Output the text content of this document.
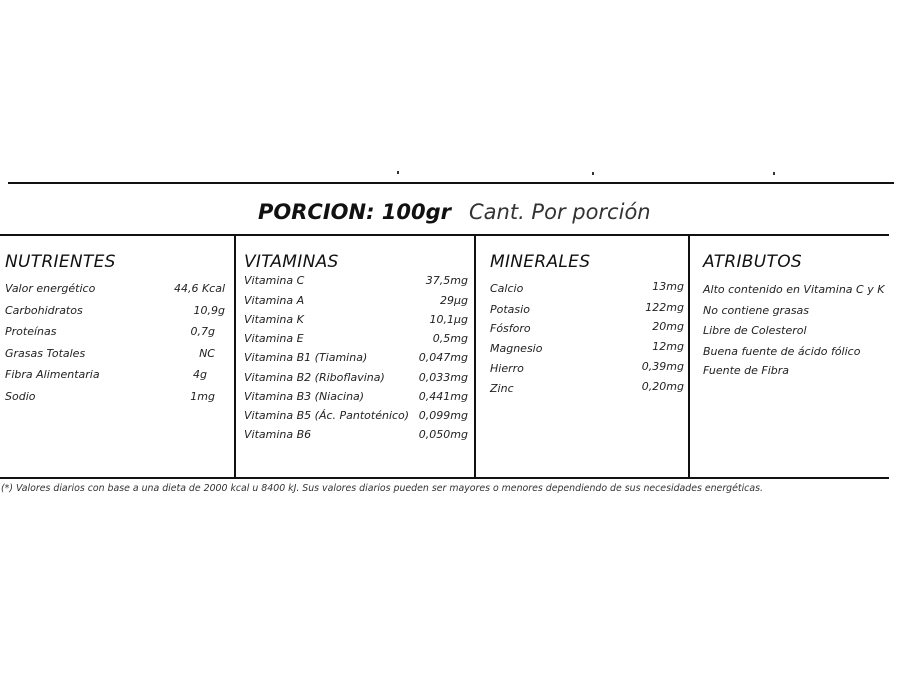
PORCION: 100gr Cant. Por porción
NUTRIENTES	VITAMINAS	MINERALES	ATRIBUTOS
Valor energético	44,6 Kcal
Carbohidratos	10,9g
Proteínas	0,7g
Grasas Totales	NC
Fibra Alimentaria	4g
Sodio	1mg
Vitamina C	37,5mg
Vitamina A	29µg
Vitamina K	10,1µg
Vitamina E	0,5mg
Vitamina B1 (Tiamina)	0,047mg
Vitamina B2 (Riboflavina)	0,033mg
Vitamina B3 (Niacina)	0,441mg
Vitamina B5 (Ác. Pantoténico) 0,099mg
Vitamina B6	0,050mg
Calcio	13mg
Potasio	122mg
Fósforo	20mg
Magnesio	12mg
Hierro	0,39mg
Zinc	0,20mg
Alto contenido en Vitamina C y K
No contiene grasas
Libre de Colesterol
Buena fuente de ácido fólico
Fuente de Fibra
(*) Valores diarios con base a una dieta de 2000 kcal u 8400 kJ. Sus valores diarios pueden ser mayores o menores dependiendo de sus necesidades energéticas.
